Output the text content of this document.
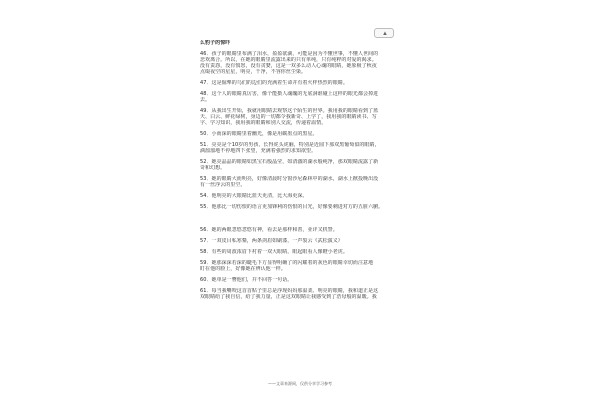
▲
么豹子的惊吓
46．孩子的眼睛里布满了泪水，盈盈欲滴，可能是因为不懂世事，不懂人世间的
悲欢离合。所以，在她的眼睛里流露出来的只有单纯，只有纯粹的对爱的渴求。
没有责怨，没有愤怒，没有贪婪，这是一双多么动人心魂的眼睛，她象极了秋夜
点缀夜空的星星，明亮，干净，不容你丝尘染。
47．这是倔犟的乌们的边们的充满着生命并有着火样热烈的眼睛。
48．这个人的眼睛真厉害，像个能摄人魂魄的无底洞谁碰上这样的眼光都会掉进
去。
49．从我出生开始，我就用眼睛去观察这个陌生的世界。我用我的眼睛看到了蓝
天、白云、鲜花绿树，身边的一切都令我新奇、上学了，我用我的眼睛读书、写
字、学习知识，我用我的眼睛和别人交流，传递着温情。
50．小而深的眼睛里着幽光，像是用碳墨点的黑星。
51．亮亮是个10岁的男孩，长得虎头虎脑，特别是近圆下那双黑葡萄似的眼睛，
滴溜溜地不停地四下张望，充满着强烈的求知欲望。
52．她亮晶晶的眼睛如黑宝石般晶莹，如清澈的湖水般纯净，那双眼睛流露了新
奇和幻想。
53．她的眼睛大而明亮，好像清晨时分窗沙尼森林中的湖水，湖水上掀投晚出没
有一丝浮云的里空。
54．他明亮的大眼睛比蓝天更清，比大海更深。
55．他那比一切伤恨的语言更加锋利的伤恨的目光，好像要刺进对方的五脏六腑。
56．她的两眼忽悠忽悠有神，看去是那样和善，业详又机警。
57．一双皮目私寒鍪，两条剑眉如刷漆，一声裂云《武松演义》
58．有些的周波浓眉下衬着一双大眼睛，眼起眼看人像瞪小老虎。
59．她那深深若深的睫毛下方显得明确了的闪耀着的灰色的眼睛幸切而注意地
盯在他的脸上，好像她在辨认他一样。
60．她单是一瞥他们，并不回答一句话。
61．每当我嘴咬这首首贴子里总是浮现妈妈那温柔、明亮的眼睛，我和道正是这
双眼睛给了我自信，给了我力量，正是这双眼睛让我感受到了浩母般的温暖。我
——文章来源网，仅供分享学习参考
